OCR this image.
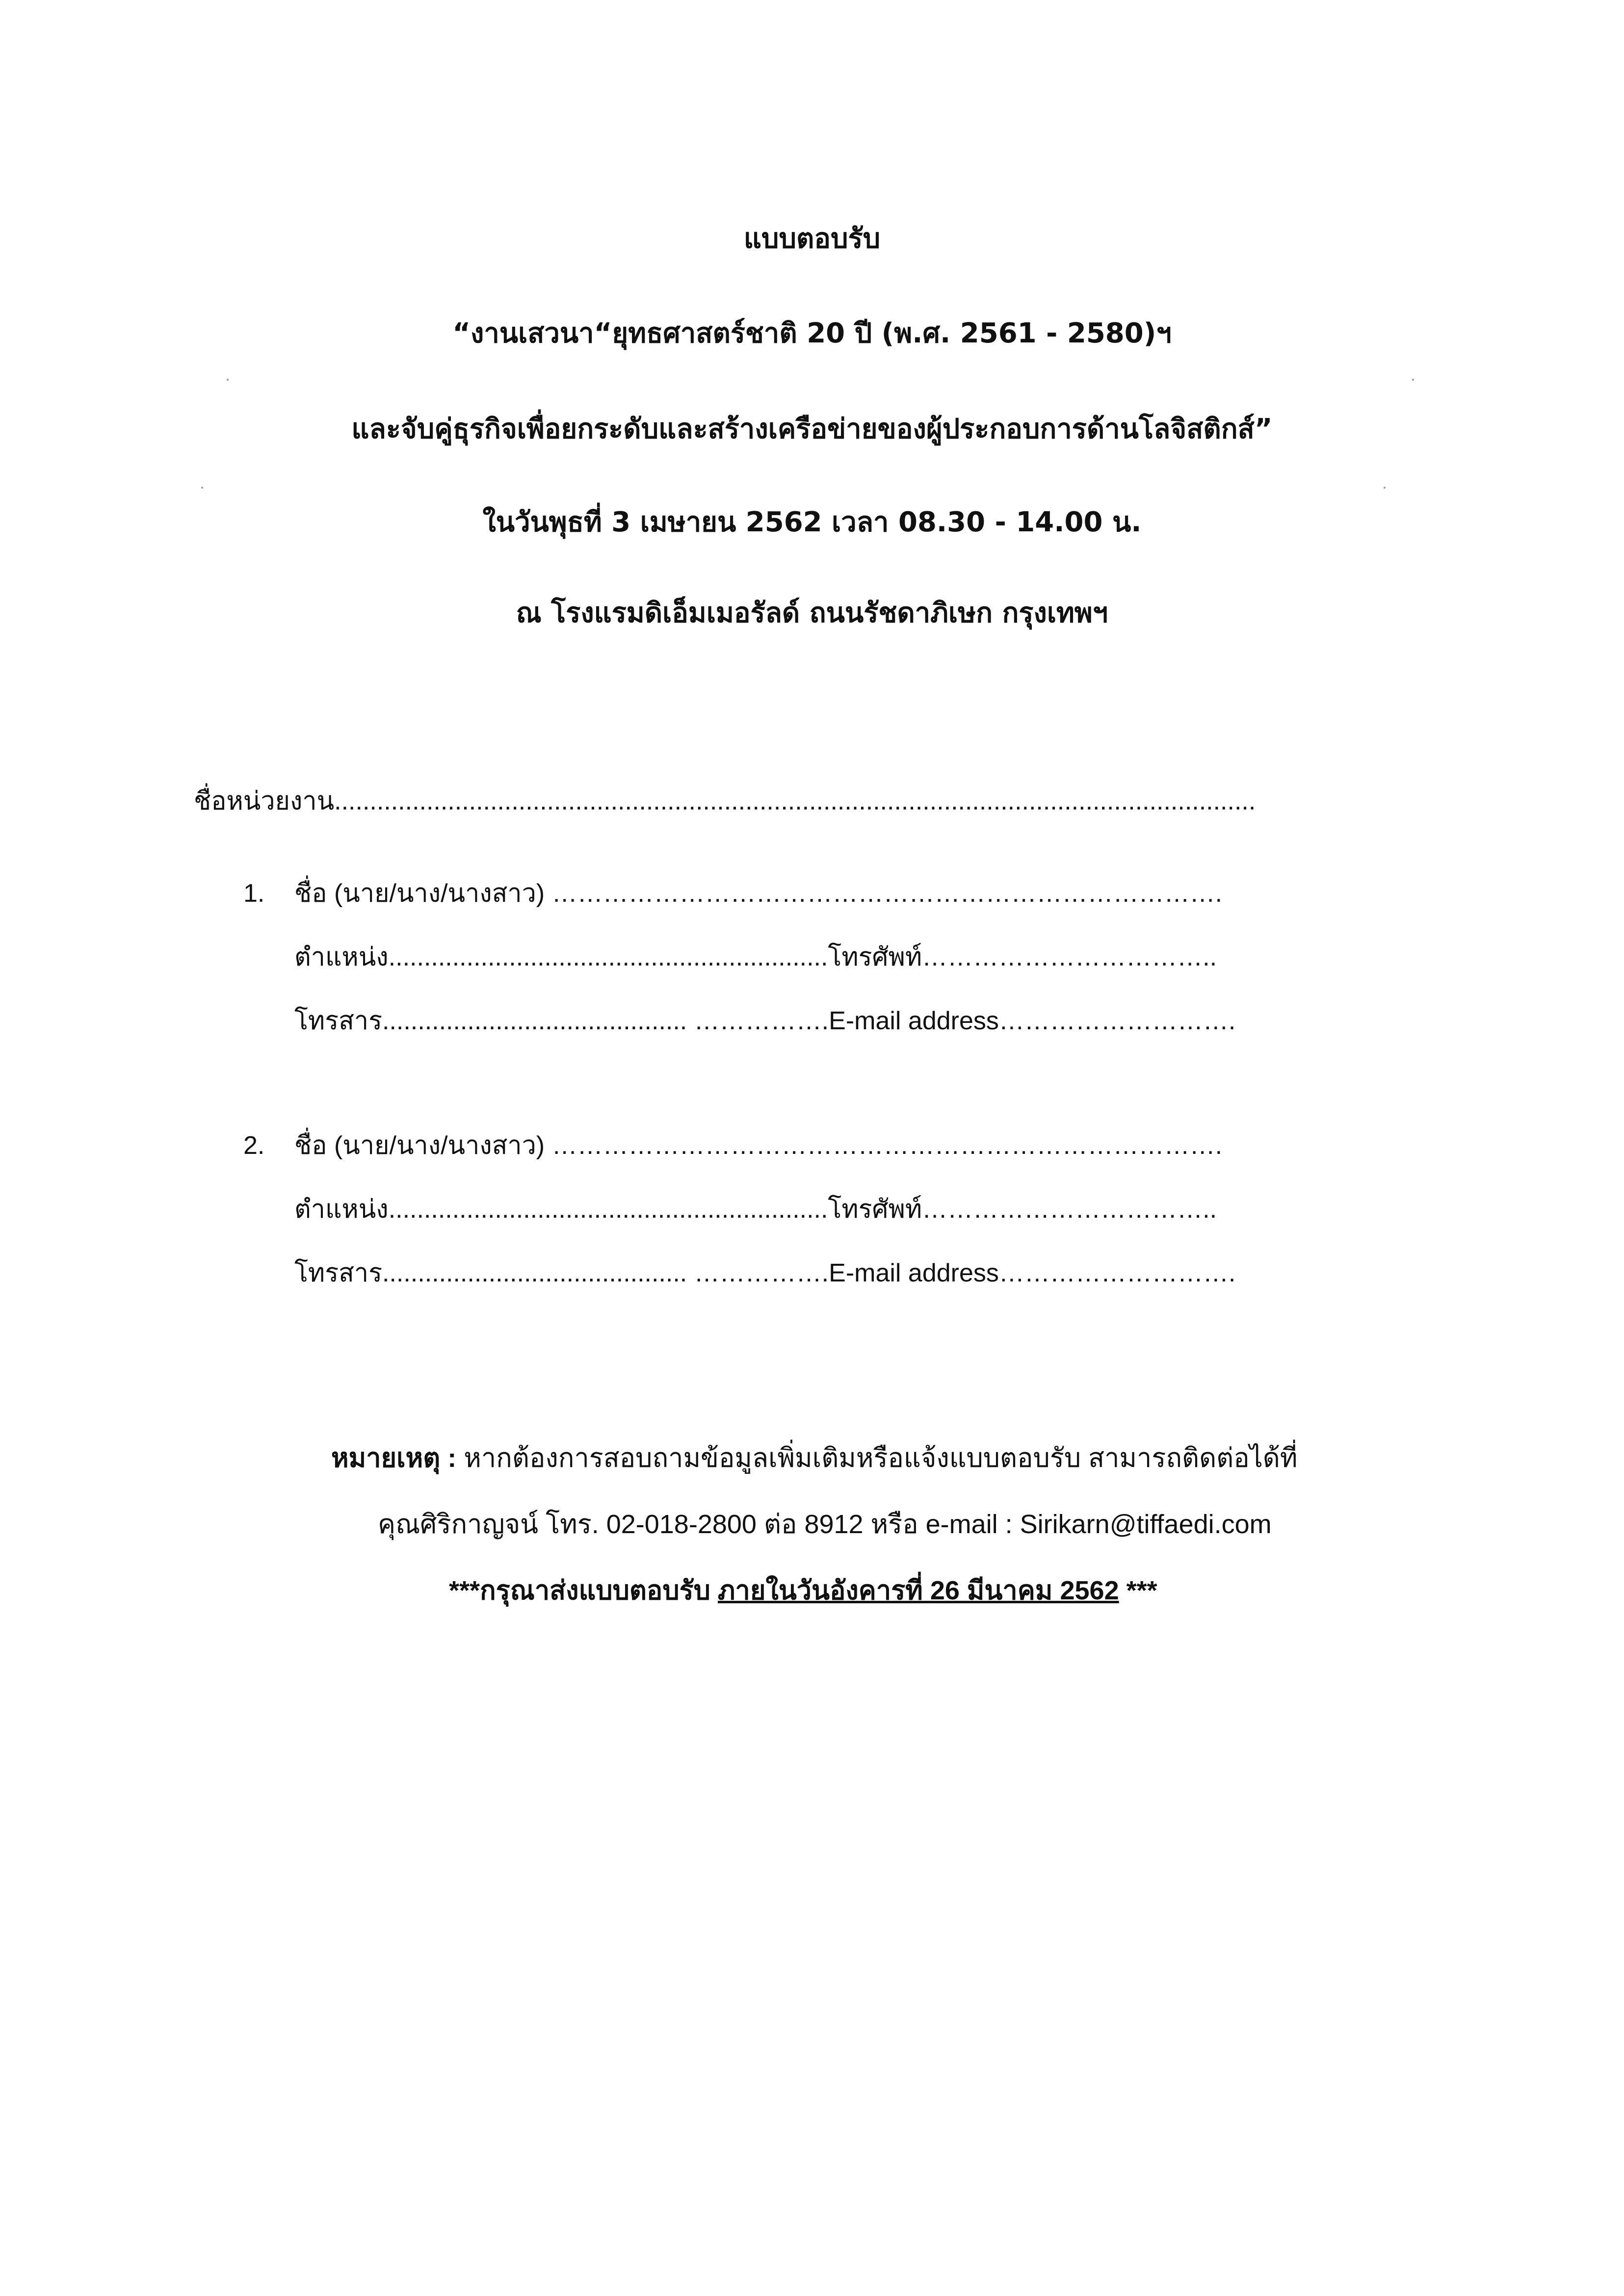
แบบตอบรับ
“งานเสวนา“ยุทธศาสตร์ชาติ 20 ปี (พ.ศ. 2561 - 2580)ฯ
และจับคู่ธุรกิจเพื่อยกระดับและสร้างเครือข่ายของผู้ประกอบการด้านโลจิสติกส์”
ในวันพุธที่ 3 เมษายน 2562 เวลา 08.30 - 14.00 น.
ณ โรงแรมดิเอ็มเมอรัลด์ ถนนรัชดาภิเษก กรุงเทพฯ
ชื่อหน่วยงาน..................................................................................................................................
1. ชื่อ (นาย/นาง/นางสาว) …………………………………………………………………….
ตำแหน่ง..............................................................โทรศัพท์……………………………..
โทรสาร........................................... …………….E-mail address……………………….
2. ชื่อ (นาย/นาง/นางสาว) …………………………………………………………………….
ตำแหน่ง..............................................................โทรศัพท์……………………………..
โทรสาร........................................... …………….E-mail address……………………….
หมายเหตุ : หากต้องการสอบถามข้อมูลเพิ่มเติมหรือแจ้งแบบตอบรับ สามารถติดต่อได้ที่
คุณศิริกาญจน์ โทร. 02-018-2800 ต่อ 8912 หรือ e-mail : Sirikarn@tiffaedi.com
***กรุณาส่งแบบตอบรับ ภายในวันอังคารที่ 26 มีนาคม 2562 ***
